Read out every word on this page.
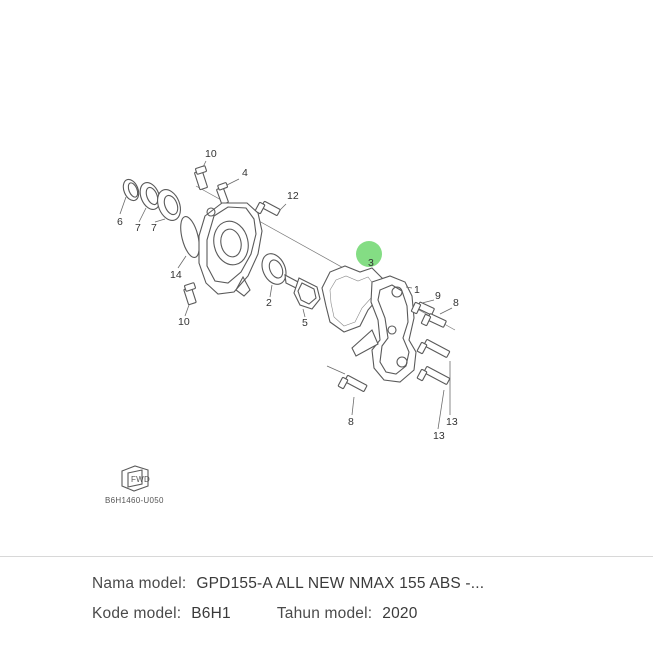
FWD
B6H1460-U050
10
4
12
6 7 7
14
2
5
3
1 9
8
10
8	13
13
Nama model: GPD155-A ALL NEW NMAX 155 ABS -...
Kode model: B6H1	Tahun model: 2020
